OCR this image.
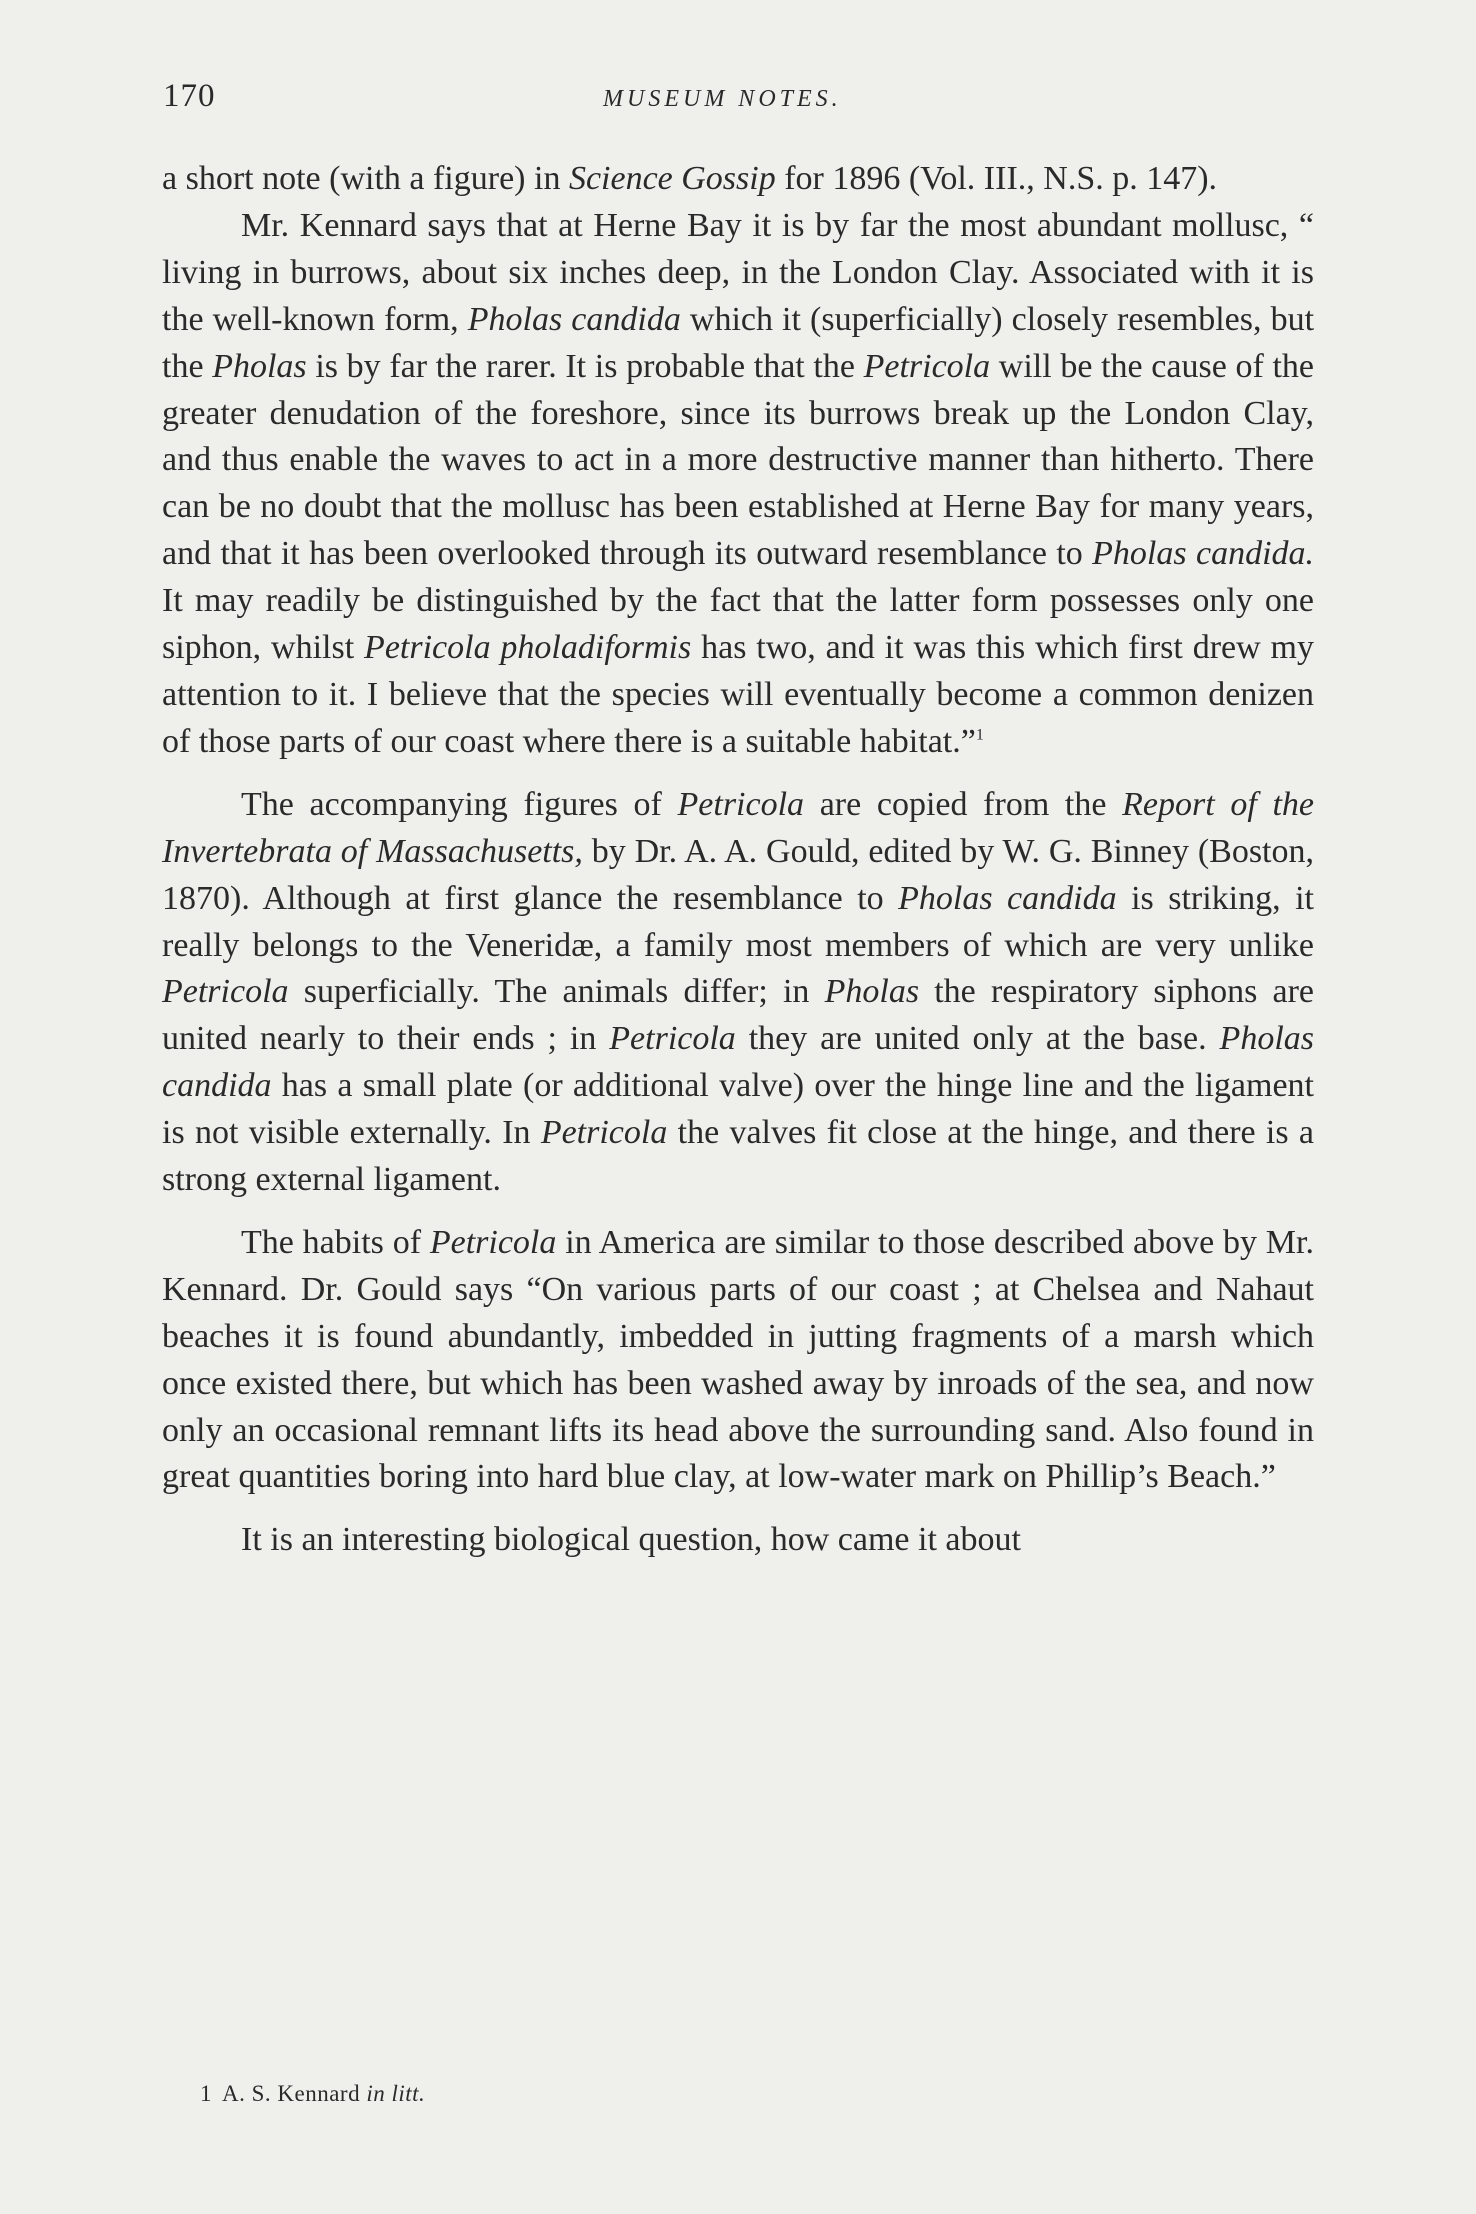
170	MUSEUM NOTES.

a short note (with a figure) in Science Gossip for 1896 (Vol. III., N.S. p. 147).

Mr. Kennard says that at Herne Bay it is by far the most abundant mollusc, “ living in burrows, about six inches deep, in the London Clay. Associated with it is the well-known form, Pholas candida which it (superficially) closely resembles, but the Pholas is by far the rarer. It is probable that the Petricola will be the cause of the greater denudation of the foreshore, since its burrows break up the London Clay, and thus enable the waves to act in a more destructive manner than hitherto. There can be no doubt that the mollusc has been established at Herne Bay for many years, and that it has been overlooked through its outward resemblance to Pholas candida. It may readily be distinguished by the fact that the latter form possesses only one siphon, whilst Petricola pholadiformis has two, and it was this which first drew my attention to it. I believe that the species will eventually become a common denizen of those parts of our coast where there is a suitable habitat.”$^1$

The accompanying figures of Petricola are copied from the Report of the Invertebrata of Massachusetts, by Dr. A. A. Gould, edited by W. G. Binney (Boston, 1870). Although at first glance the resemblance to Pholas candida is striking, it really belongs to the Veneridæ, a family most members of which are very unlike Petricola superficially. The animals differ; in Pholas the respiratory siphons are united nearly to their ends ; in Petricola they are united only at the base. Pholas candida has a small plate (or additional valve) over the hinge line and the ligament is not visible externally. In Petricola the valves fit close at the hinge, and there is a strong external ligament.

The habits of Petricola in America are similar to those described above by Mr. Kennard. Dr. Gould says “On various parts of our coast ; at Chelsea and Nahaut beaches it is found abundantly, imbedded in jutting fragments of a marsh which once existed there, but which has been washed away by inroads of the sea, and now only an occasional remnant lifts its head above the surrounding sand. Also found in great quantities boring into hard blue clay, at low-water mark on Phillip’s Beach.”

It is an interesting biological question, how came it about

1 A. S. Kennard in litt.
